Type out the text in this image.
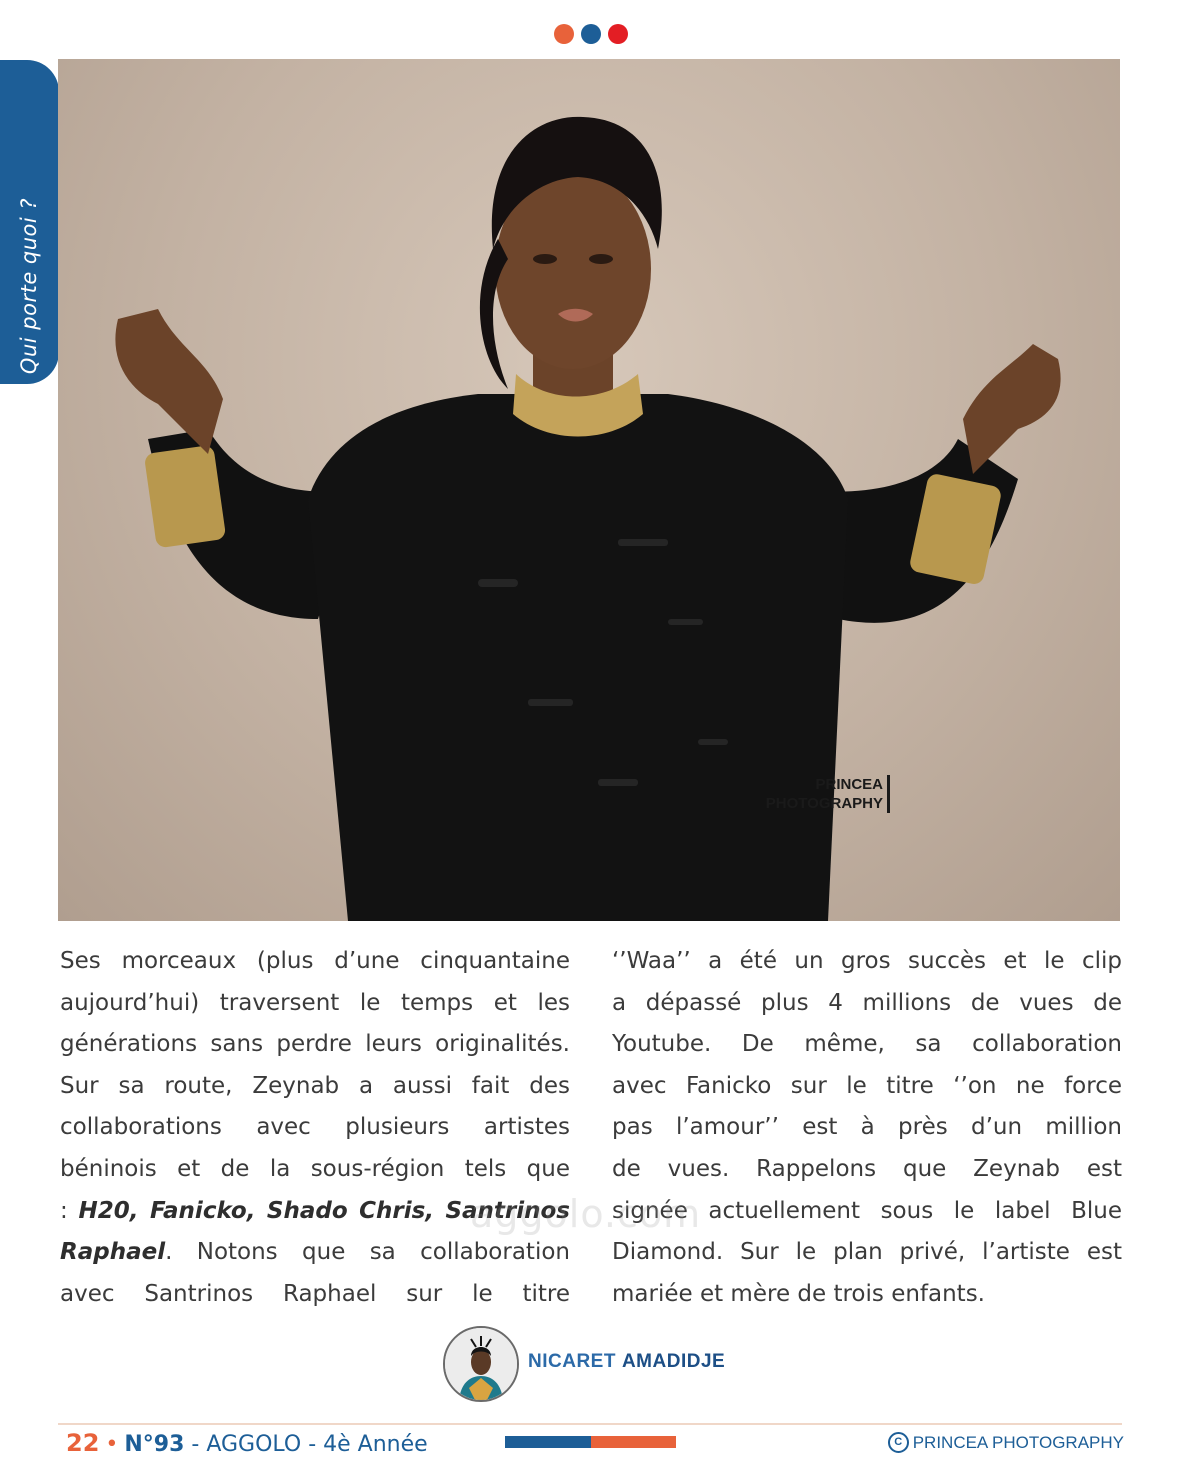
Qui porte quoi ?
PRINCEA
PHOTOGRAPHY
Ses morceaux (plus d’une cinquantaine
aujourd’hui) traversent le temps et les
générations sans perdre leurs originalités.
Sur sa route, Zeynab a aussi fait des
collaborations avec plusieurs artistes
béninois et de la sous-région tels que
: H20, Fanicko, Shado Chris, Santrinos
Raphael. Notons que sa collaboration
avec Santrinos Raphael sur le titre
‘’Waa’’ a été un gros succès et le clip
a dépassé plus 4 millions de vues de
Youtube. De même, sa collaboration
avec Fanicko sur le titre ‘’on ne force
pas l’amour’’ est à près d’un million
de vues. Rappelons que Zeynab est
signée actuellement sous le label Blue
Diamond. Sur le plan privé, l’artiste est
mariée et mère de trois enfants.
aggolo.com
NICARET AMADIDJE
22 • N°93 - AGGOLO - 4è Année	C PRINCEA PHOTOGRAPHY
